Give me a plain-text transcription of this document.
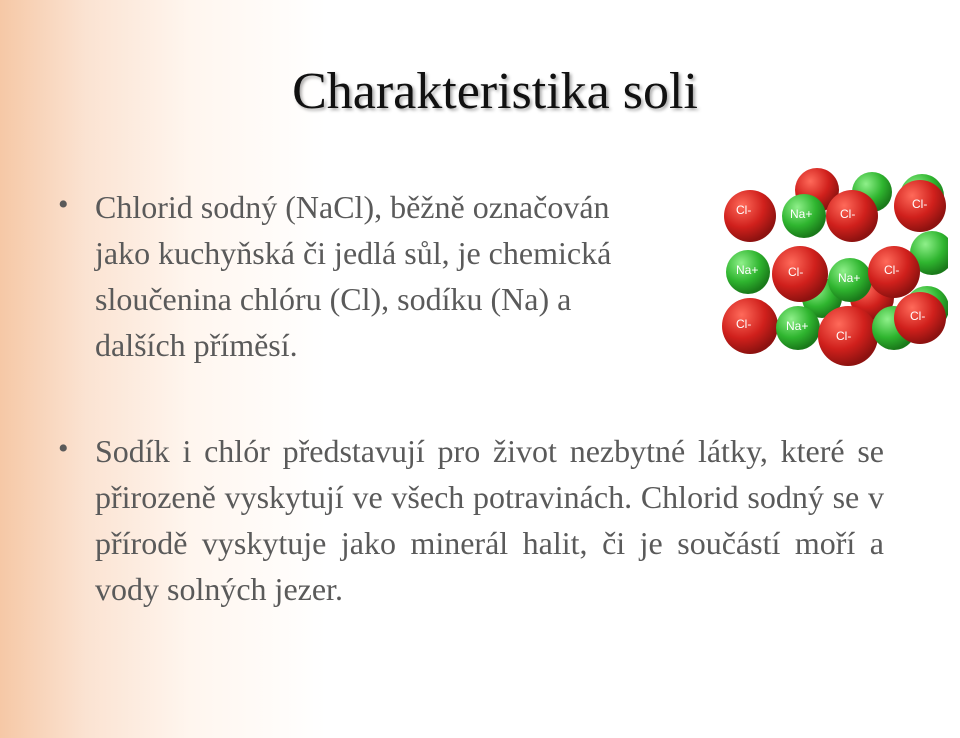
Charakteristika soli

• Chlorid sodný (NaCl), běžně označován jako kuchyňská či jedlá sůl, je chemická sloučenina chlóru (Cl), sodíku (Na) a dalších příměsí.

• Sodík i chlór představují pro život nezbytné látky, které se přirozeně vyskytují ve všech potravinách. Chlorid sodný se v přírodě vyskytuje jako minerál halit, či je součástí moří a vody solných jezer.

Cl-	Na+ Cl-
Cl-
Na+ Cl-	Na+
Cl-
Cl-	Na+
Cl-
Cl-
